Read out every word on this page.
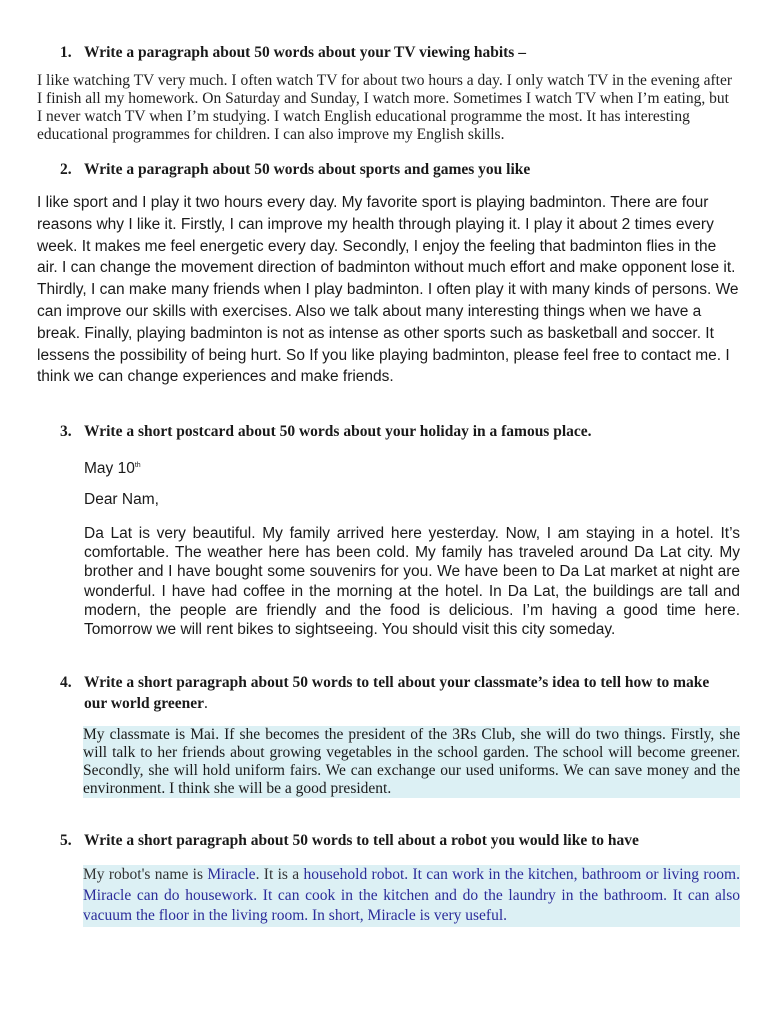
1. Write a paragraph about 50 words about your TV viewing habits –
I like watching TV very much. I often watch TV for about two hours a day. I only watch TV in the evening after I finish all my homework. On Saturday and Sunday, I watch more. Sometimes I watch TV when I’m eating, but I never watch TV when I’m studying. I watch English educational programme the most. It has interesting educational programmes for children. I can also improve my English skills.
2. Write a paragraph about 50 words about sports and games you like
I like sport and I play it two hours every day. My favorite sport is playing badminton. There are four reasons why I like it. Firstly, I can improve my health through playing it. I play it about 2 times every week. It makes me feel energetic every day. Secondly, I enjoy the feeling that badminton flies in the air. I can change the movement direction of badminton without much effort and make opponent lose it. Thirdly, I can make many friends when I play badminton. I often play it with many kinds of persons. We can improve our skills with exercises. Also we talk about many interesting things when we have a break. Finally, playing badminton is not as intense as other sports such as basketball and soccer. It lessens the possibility of being hurt. So If you like playing badminton, please feel free to contact me. I think we can change experiences and make friends.
3. Write a short postcard about 50 words about your holiday in a famous place.
May 10th
Dear Nam,
Da Lat is very beautiful. My family arrived here yesterday. Now, I am staying in a hotel. It’s comfortable. The weather here has been cold. My family has traveled around Da Lat city. My brother and I have bought some souvenirs for you. We have been to Da Lat market at night are wonderful. I have had coffee in the morning at the hotel. In Da Lat, the buildings are tall and modern, the people are friendly and the food is delicious. I’m having a good time here. Tomorrow we will rent bikes to sightseeing. You should visit this city someday.
4. Write a short paragraph about 50 words to tell about your classmate’s idea to tell how to make our world greener.
My classmate is Mai. If she becomes the president of the 3Rs Club, she will do two things. Firstly, she will talk to her friends about growing vegetables in the school garden. The school will become greener. Secondly, she will hold uniform fairs. We can exchange our used uniforms. We can save money and the environment. I think she will be a good president.
5. Write a short paragraph about 50 words to tell about a robot you would like to have
My robot's name is Miracle. It is a household robot. It can work in the kitchen, bathroom or living room. Miracle can do housework. It can cook in the kitchen and do the laundry in the bathroom. It can also vacuum the floor in the living room. In short, Miracle is very useful.
